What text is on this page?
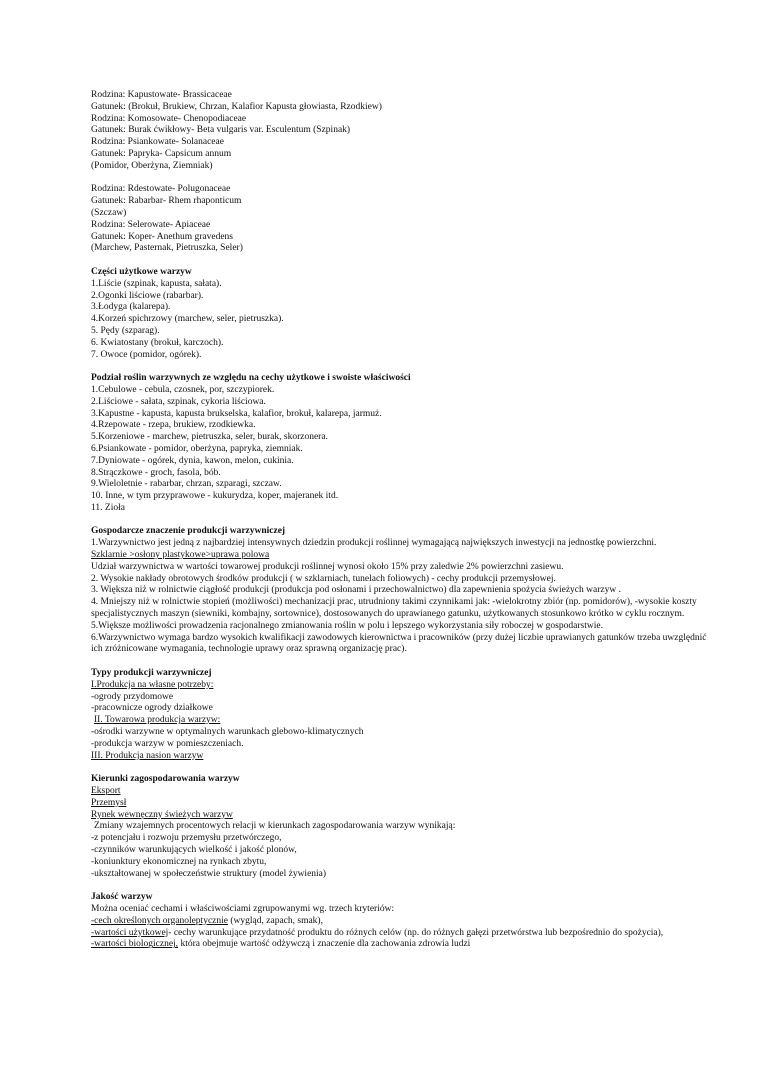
Rodzina: Kapustowate- Brassicaceae
Gatunek: (Brokuł, Brukiew, Chrzan, Kalafior Kapusta głowiasta, Rzodkiew)
Rodzina: Komosowate- Chenopodiaceae
Gatunek: Burak ćwikłowy- Beta vulgaris var. Esculentum (Szpinak)
Rodzina: Psiankowate- Solanaceae
Gatunek: Papryka- Capsicum annum
(Pomidor, Oberżyna, Ziemniak)
Rodzina: Rdestowate- Polugonaceae
Gatunek: Rabarbar- Rhem rhaponticum
(Szczaw)
Rodzina: Selerowate- Apiaceae
Gatunek: Koper- Anethum gravedens
(Marchew, Pasternak, Pietruszka, Seler)
Części użytkowe warzyw
1.Liście (szpinak, kapusta, sałata).
2.Ogonki liściowe (rabarbar).
3.Łodyga (kalarepa).
4.Korzeń spichrzowy (marchew, seler, pietruszka).
5. Pędy (szparag).
6. Kwiatostany (brokuł, karczoch).
7. Owoce (pomidor, ogórek).
Podział roślin warzywnych ze względu na cechy użytkowe i swoiste właściwości
1.Cebulowe - cebula, czosnek, por, szczypiorek.
2.Liściowe - sałata, szpinak, cykoria liściowa.
3.Kapustne - kapusta, kapusta brukselska, kalafior, brokuł, kalarepa, jarmuż.
4.Rzepowate - rzepa, brukiew, rzodkiewka.
5.Korzeniowe - marchew, pietruszka, seler, burak, skorzonera.
6.Psiankowate - pomidor, oberżyna, papryka, ziemniak.
7.Dyniowate - ogórek, dynia, kawon, melon, cukinia.
8.Strączkowe - groch, fasola, bób.
9.Wieloletnie - rabarbar, chrzan, szparagi, szczaw.
10. Inne, w tym przyprawowe - kukurydza, koper, majeranek itd.
11. Zioła
Gospodarcze znaczenie produkcji warzywniczej
1.Warzywnictwo jest jedną z najbardziej intensywnych dziedzin produkcji roślinnej wymagającą największych inwestycji na jednostkę powierzchni.
Szklarnie >osłony plastykowe>uprawa polowa
Udział warzywnictwa w wartości towarowej produkcji roślinnej wynosi około 15% przy zaledwie 2% powierzchni zasiewu.
2. Wysokie nakłady obrotowych środków produkcji ( w szklarniach, tunelach foliowych) - cechy produkcji przemysłowej.
3. Większa niż w rolnictwie ciągłość produkcji (produkcja pod osłonami i przechowalnictwo) dla zapewnienia spożycia świeżych warzyw .
4. Mniejszy niż w rolnictwie stopień (możliwości) mechanizacji prac, utrudniony takimi czynnikami jak: -wielokrotny zbiór (np. pomidorów), -wysokie koszty specjalistycznych maszyn (siewniki, kombajny, sortownice), dostosowanych do uprawianego gatunku, użytkowanych stosunkowo krótko w cyklu rocznym.
5.Większe możliwości prowadzenia racjonalnego zmianowania roślin w polu i lepszego wykorzystania siły roboczej w gospodarstwie.
6.Warzywnictwo wymaga bardzo wysokich kwalifikacji zawodowych kierownictwa i pracowników (przy dużej liczbie uprawianych gatunków trzeba uwzględnić ich zróżnicowane wymagania, technologie uprawy oraz sprawną organizację prac).
Typy produkcji warzywniczej
I.Produkcja na własne potrzeby:
-ogrody przydomowe
-pracownicze ogrody działkowe
II. Towarowa produkcja warzyw:
-ośrodki warzywne w optymalnych warunkach glebowo-klimatycznych
-produkcja warzyw w pomieszczeniach.
III. Produkcja nasion warzyw
Kierunki zagospodarowania warzyw
Eksport
Przemysł
Rynek wewnęczny świeżych warzyw
Zmiany wzajemnych procentowych relacji w kierunkach zagospodarowania warzyw wynikają:
-z potencjału i rozwoju przemysłu przetwórczego,
-czynników warunkujących wielkość i jakość plonów,
-koniunktury ekonomicznej na rynkach zbytu,
-ukształtowanej w społeczeństwie struktury (model żywienia)
Jakość warzyw
Można oceniać cechami i właściwościami zgrupowanymi wg. trzech kryteriów:
-cech określonych organoleptycznie (wygląd, zapach, smak),
-wartości użytkowej- cechy warunkujące przydatność produktu do różnych celów (np. do różnych gałęzi przetwórstwa lub bezpośrednio do spożycia),
-wartości biologicznej, która obejmuje wartość odżywczą i znaczenie dla zachowania zdrowia ludzi
